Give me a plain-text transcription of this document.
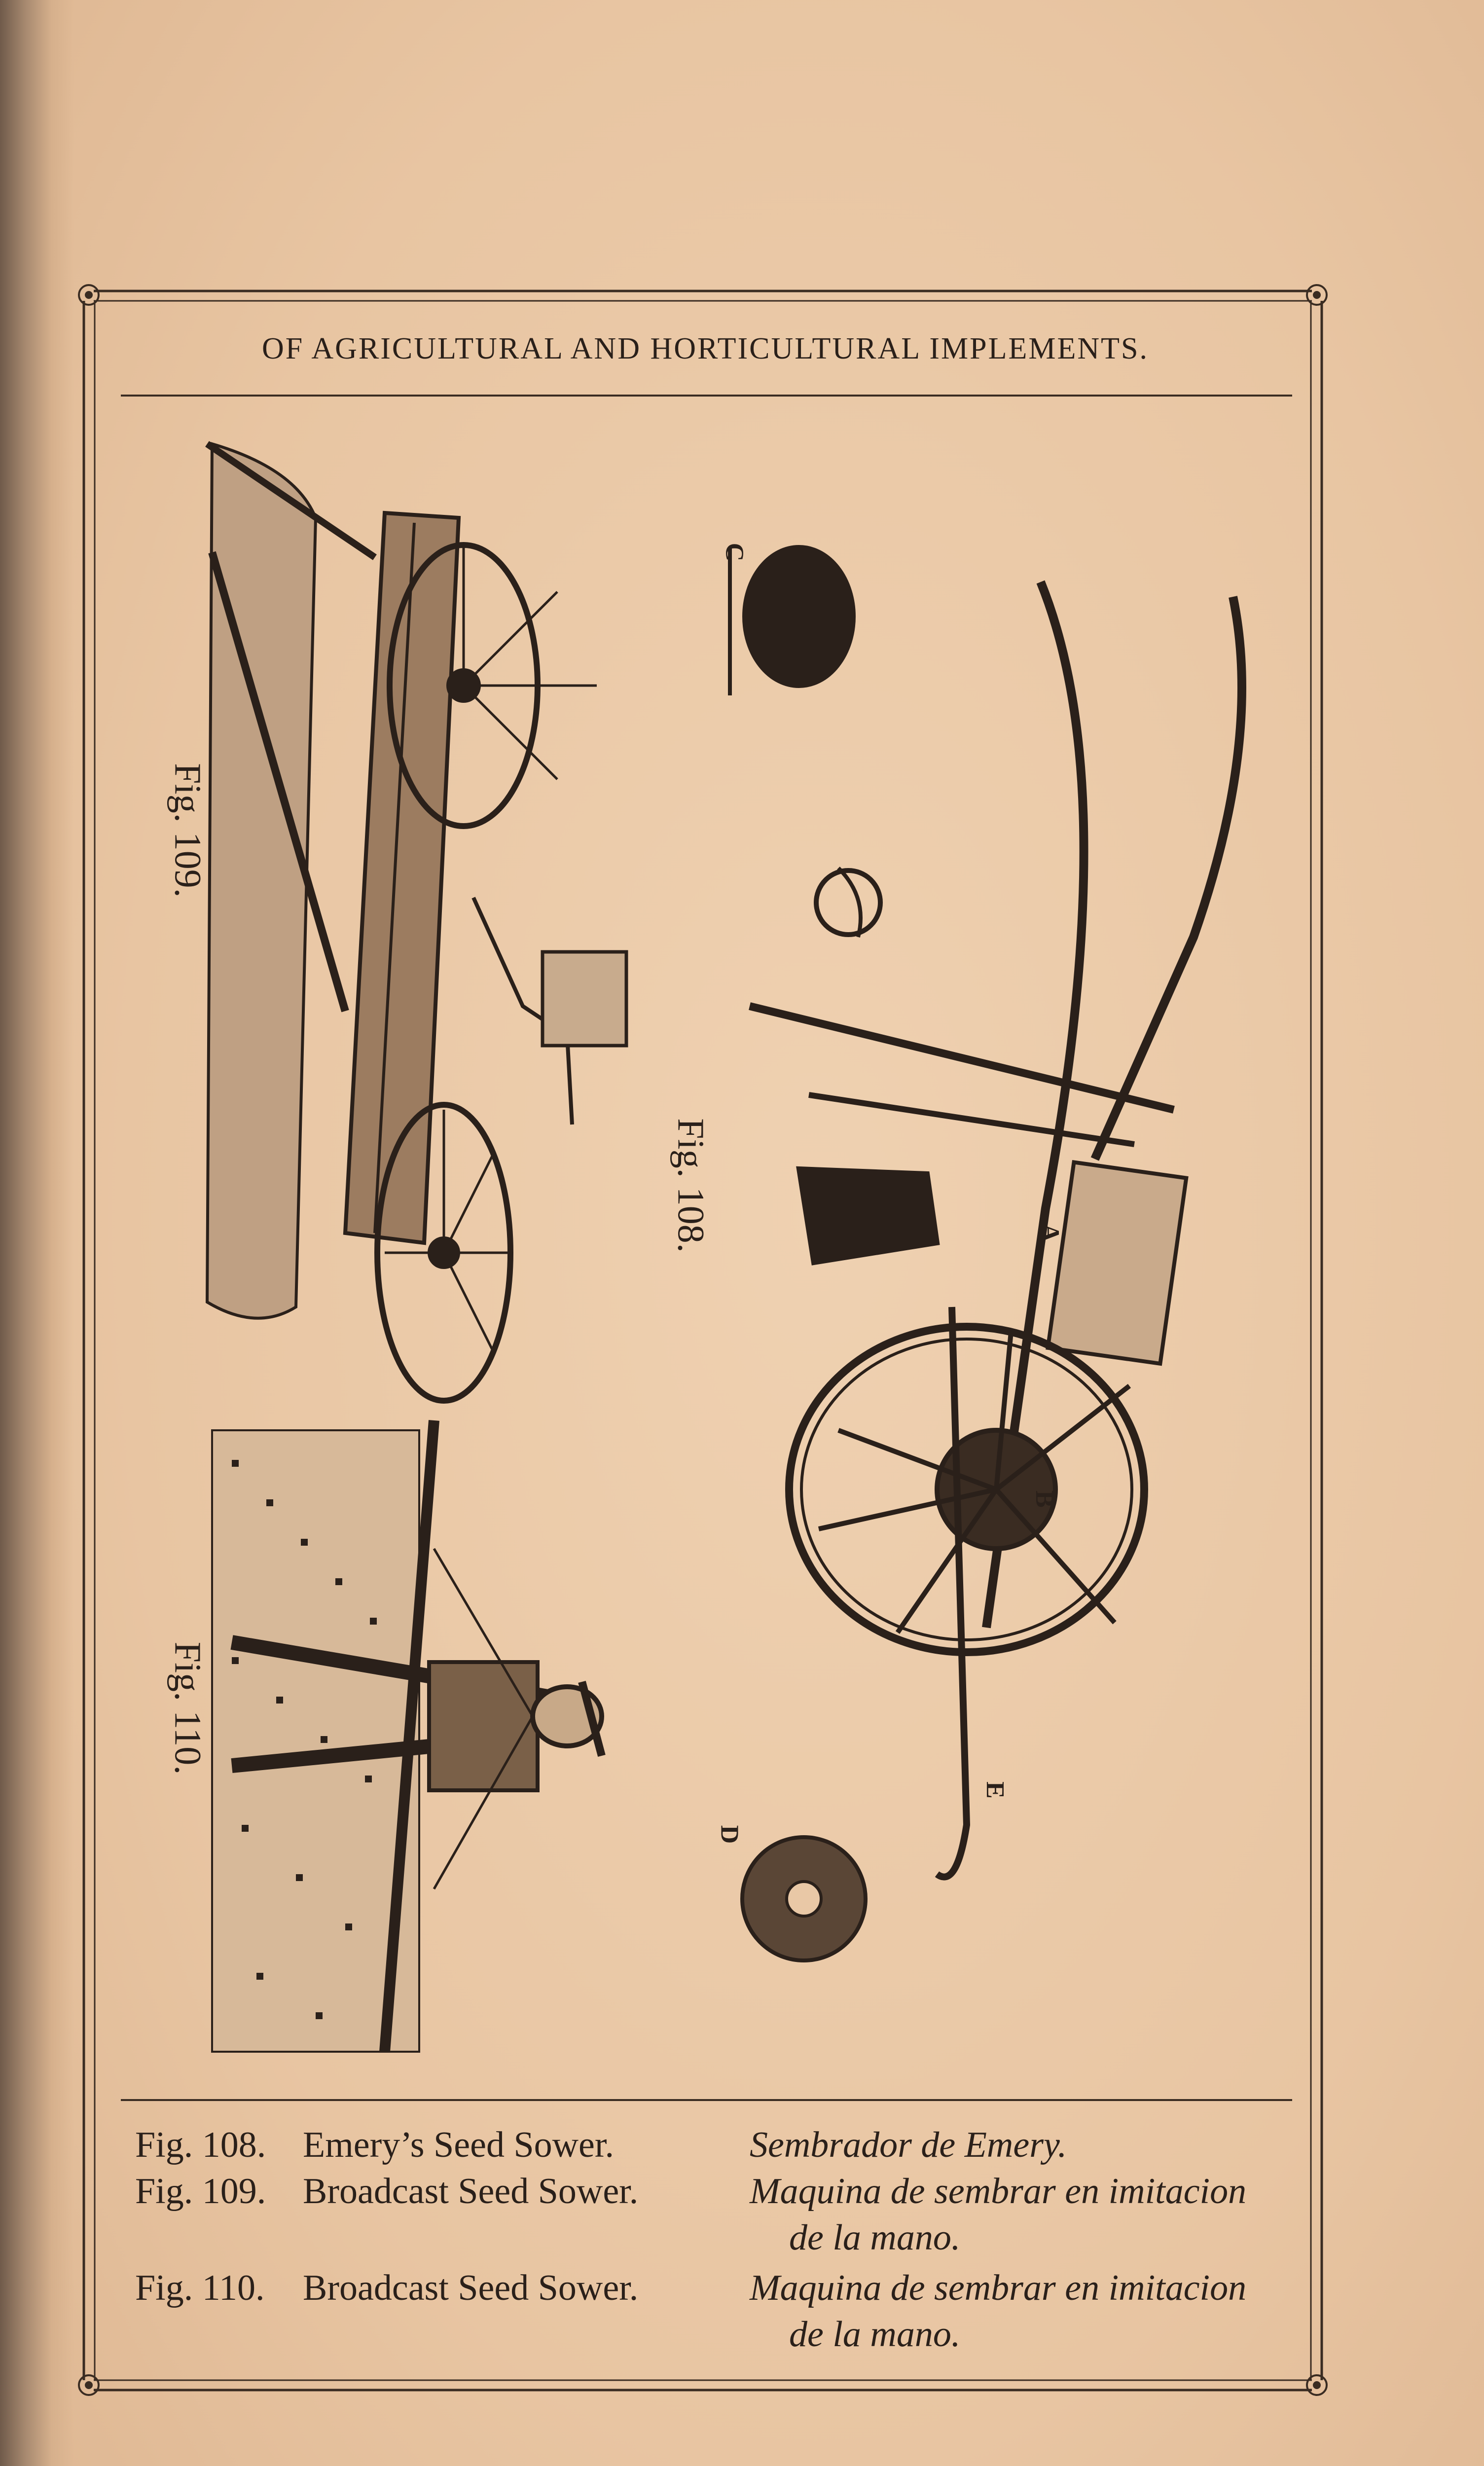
OF AGRICULTURAL AND HORTICULTURAL IMPLEMENTS.
Fig. 109.
Fig. 108.
Fig. 110.
C
A
B
E
D
Fig. 108. Emery’s Seed Sower.	Sembrador de Emery.
Fig. 109. Broadcast Seed Sower.	Maquina de sembrar en imitacion
de la mano.
Fig. 110. Broadcast Seed Sower.	Maquina de sembrar en imitacion
de la mano.
